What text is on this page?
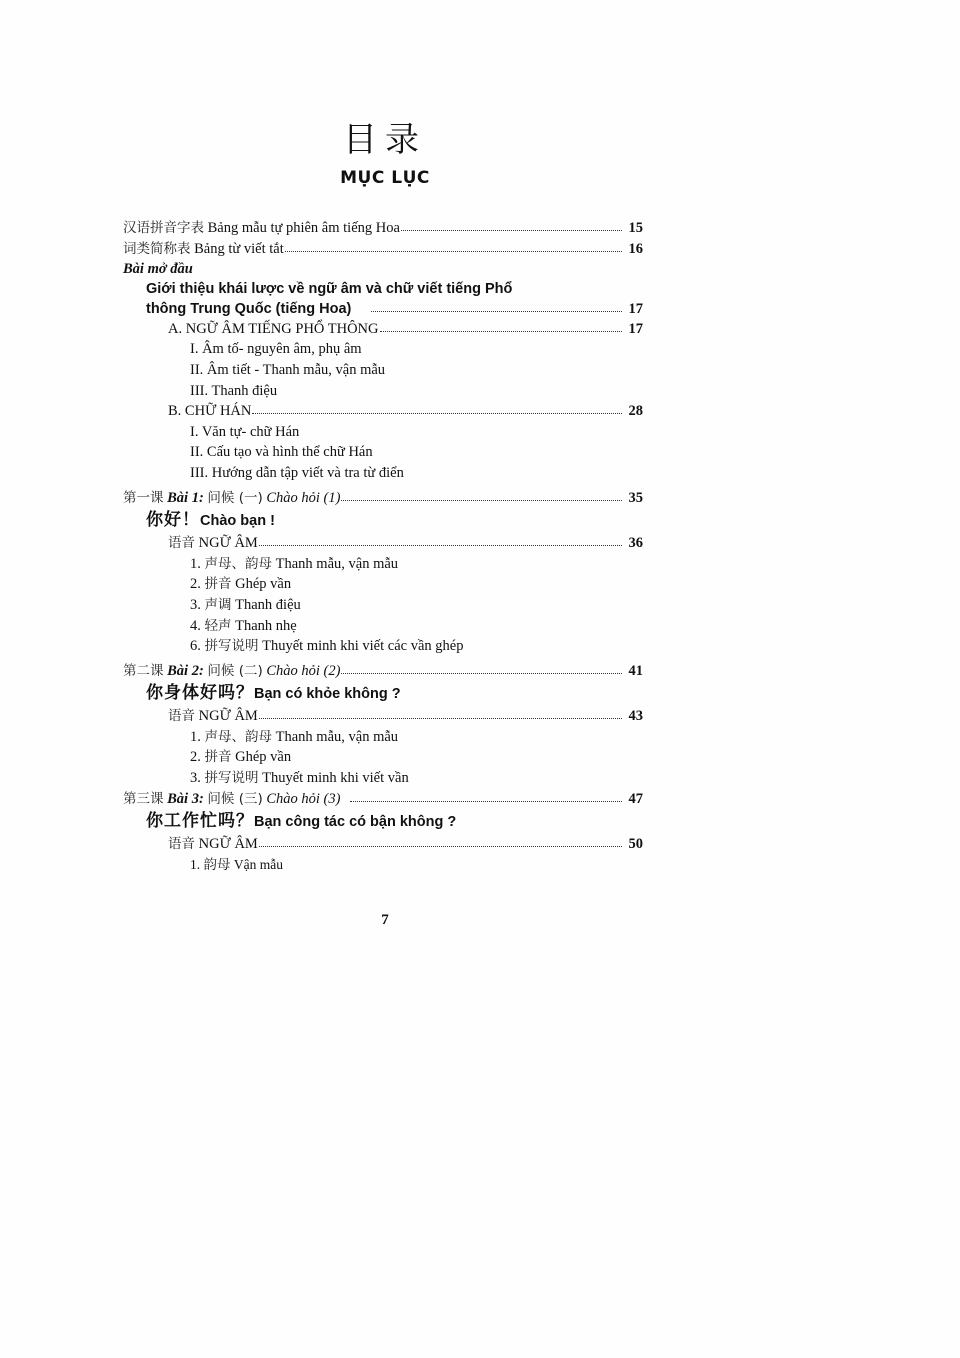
目录
MỤC LỤC
汉语拼音字表 Bảng mẫu tự phiên âm tiếng Hoa	15
词类简称表 Bảng từ viết tắt	16
Bài mở đầu
Giới thiệu khái lược về ngữ âm và chữ viết tiếng Phổ
thông Trung Quốc (tiếng Hoa)	17
A. NGỮ ÂM TIẾNG PHỔ THÔNG	17
I. Âm tố- nguyên âm, phụ âm
II. Âm tiết - Thanh mẫu, vận mẫu
III. Thanh điệu
B. CHỮ HÁN	28
I. Văn tự- chữ Hán
II. Cấu tạo và hình thể chữ Hán
III. Hướng dẫn tập viết và tra từ điển
第一课 Bài 1: 问候 (一) Chào hỏi (1)	35
你好！ Chào bạn !
语音 NGỮ ÂM	36
1. 声母、韵母 Thanh mẫu, vận mẫu
2. 拼音 Ghép vần
3. 声调 Thanh điệu
4. 轻声 Thanh nhẹ
6. 拼写说明 Thuyết minh khi viết các vần ghép
第二课 Bài 2: 问候 (二) Chào hỏi (2)	41
你身体好吗？ Bạn có khỏe không ?
语音 NGỮ ÂM	43
1. 声母、韵母 Thanh mẫu, vận mẫu
2. 拼音 Ghép vần
3. 拼写说明 Thuyết minh khi viết vần
第三课 Bài 3: 问候 (三) Chào hỏi (3)	47
你工作忙吗？ Bạn công tác có bận không ?
语音 NGỮ ÂM	50
1. 韵母 Vận mẫu
7
